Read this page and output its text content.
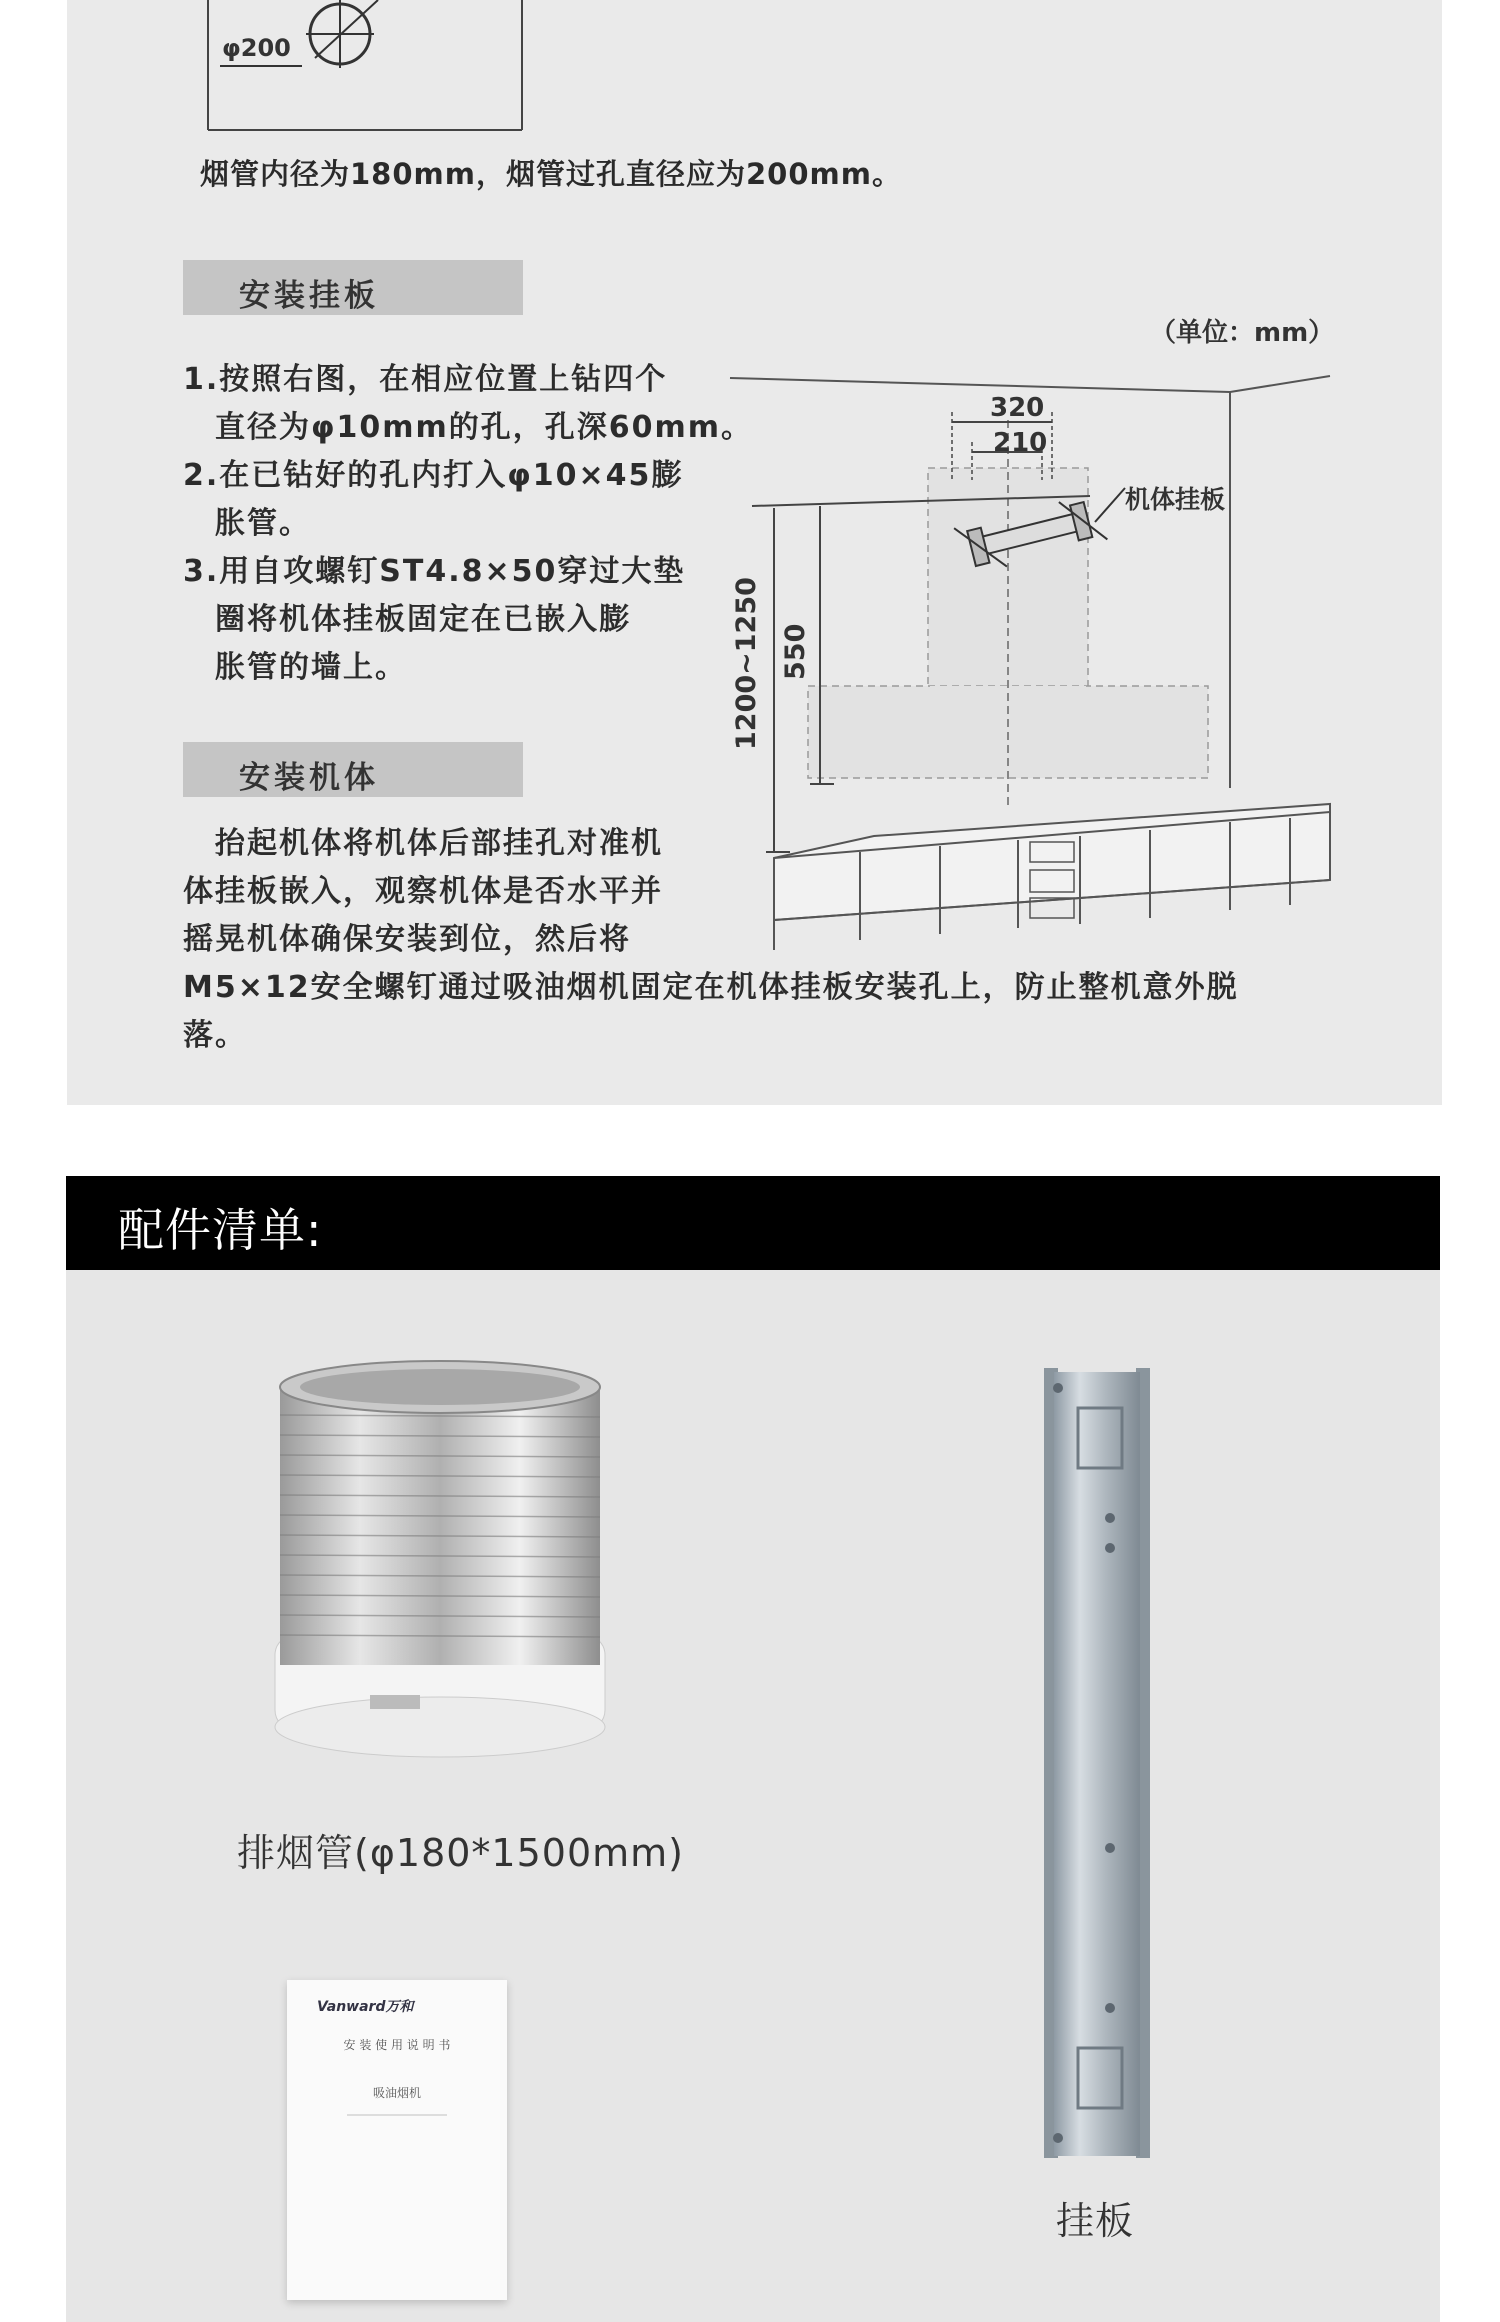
φ200
烟管内径为180mm，烟管过孔直径应为200mm。
安装挂板
（单位：mm）
1.按照右图，在相应位置上钻四个
直径为φ10mm的孔，孔深60mm。
2.在已钻好的孔内打入φ10×45膨
胀管。
3.用自攻螺钉ST4.8×50穿过大垫
圈将机体挂板固定在已嵌入膨
胀管的墙上。
320
210
机体挂板
550
1200~1250
安装机体
抬起机体将机体后部挂孔对准机
体挂板嵌入，观察机体是否水平并
摇晃机体确保安装到位，然后将
M5×12安全螺钉通过吸油烟机固定在机体挂板安装孔上，防止整机意外脱
落。
配件清单:
排烟管(φ180*1500mm)
挂板
Vanward万和
安 装 使 用 说 明 书
吸油烟机
